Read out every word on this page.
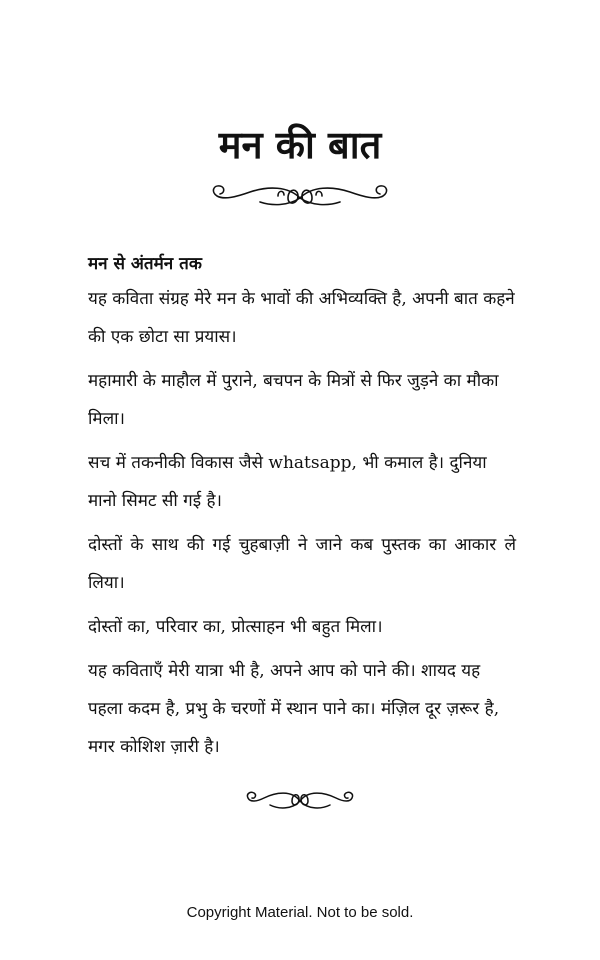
मन की बात
मन से अंतर्मन तक

यह कविता संग्रह मेरे मन के भावों की अभिव्यक्ति है, अपनी बात कहने की एक छोटा सा प्रयास।

महामारी के माहौल में पुराने, बचपन के मित्रों से फिर जुड़ने का मौका मिला।

सच में तकनीकी विकास जैसे whatsapp, भी कमाल है। दुनिया मानो सिमट सी गई है।

दोस्तों के साथ की गई चुहबाज़ी ने जाने कब पुस्तक का आकार ले लिया।

दोस्तों का, परिवार का, प्रोत्साहन भी बहुत मिला।

यह कविताएँ मेरी यात्रा भी है, अपने आप को पाने की। शायद यह पहला कदम है, प्रभु के चरणों में स्थान पाने का। मंज़िल दूर ज़रूर है, मगर कोशिश ज़ारी है।

Copyright Material. Not to be sold.
